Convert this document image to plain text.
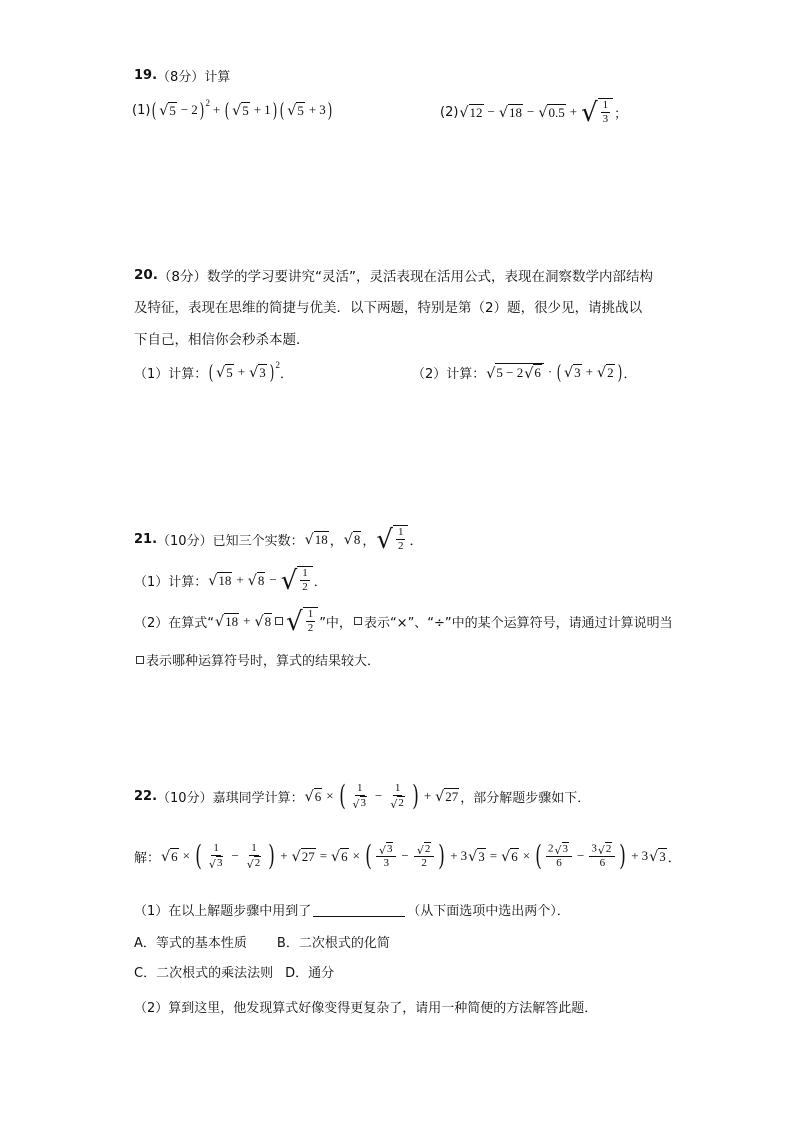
19. （8分） 计算
(1) ( √ 5 − 2 )$^2$ + ( √ 5 + 1 ) ( √ 5 + 3 )	(2) √ 12 − √ 18 − √ 0.5 + √ $\frac{1}{3}$ ；
20. （8分） 数学的学习要讲究“灵活”，灵活表现在活用公式，表现在洞察数学内部结构
及特征，表现在思维的简捷与优美．以下两题，特别是第（2）题，很少见，请挑战以
下自己，相信你会秒杀本题．
（1）计算： ( √ 5 + √ 3 )$^2$
．	（2）计算： √ 5 − 2 √ 6 · ( √ 3 + √ 2 ) ．
21. （10分） 已知三个实数： √ 18 ， √ 8 ， √ $\frac{1}{2}$ ．
（1）计算： √ 18 + √ 8 − √ $\frac{1}{2}$ ．
（2）在算式“ √ 18 + √ 8 √ $\frac{1}{2}$ ”中， 表示“×”、“÷”中的某个运算符号，请通过计算说明当
表示哪种运算符号时，算式的结果较大．
22. （10分） 嘉琪同学计算： √ 6 × ( $\frac{1}{√ 3} - \frac{1}{√ 2}$ ) + √ 27 ，部分解题步骤如下．
解： √ 6 × ( $\frac{1}{√ 3} - \frac{1}{√ 2}$ ) + √ 27 = √ 6 × ( $\frac{√ 3}{3} - \frac{√ 2}{2}$ ) + 3 √ 3 = √ 6 × ( $\frac{2 √ 3}{6} - \frac{3 √ 2}{6}$ ) + 3 √ 3 ．
（1）在以上解题步骤中用到了	（从下面选项中选出两个）．
A．等式的基本性质 B．二次根式的化简
C．二次根式的乘法法则 D．通分
（2）算到这里，他发现算式好像变得更复杂了，请用一种简便的方法解答此题．
